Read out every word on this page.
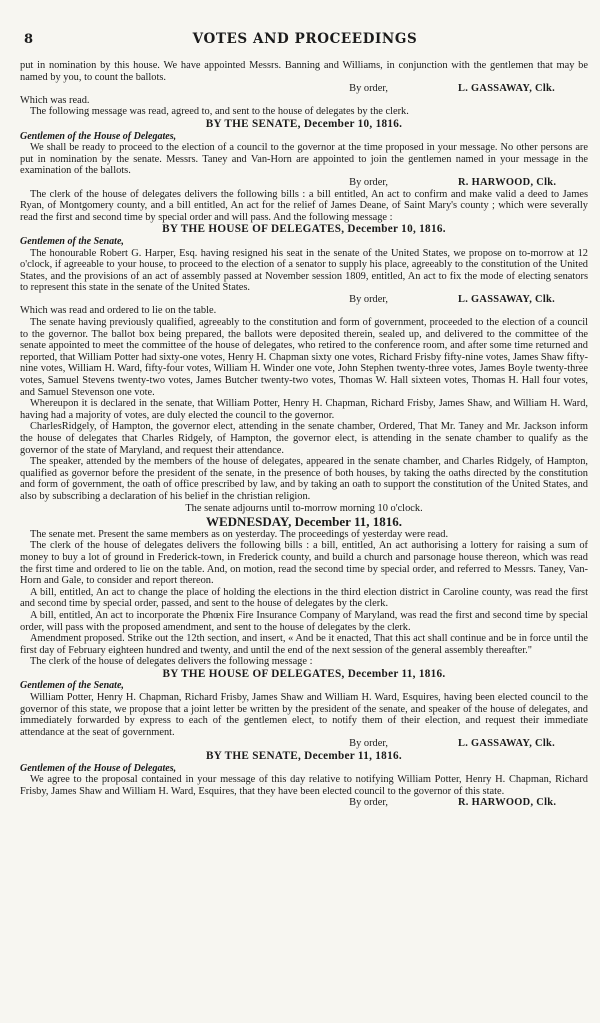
8	VOTES AND PROCEEDINGS

put in nomination by this house. We have appointed Messrs. Banning and Williams, in conjunction with the gentlemen that may be named by you, to count the ballots.

By order,	L. GASSAWAY, Clk.

Which was read.

The following message was read, agreed to, and sent to the house of delegates by the clerk.

BY THE SENATE, December 10, 1816.

Gentlemen of the House of Delegates,

We shall be ready to proceed to the election of a council to the governor at the time proposed in your message. No other persons are put in nomination by the senate. Messrs. Taney and Van-Horn are appointed to join the gentlemen named in your message in the examination of the ballots.

By order,	R. HARWOOD, Clk.

The clerk of the house of delegates delivers the following bills : a bill entitled, An act to confirm and make valid a deed to James Ryan, of Montgomery county, and a bill entitled, An act for the relief of James Deane, of Saint Mary's county ; which were severally read the first and second time by special order and will pass. And the following message :

BY THE HOUSE OF DELEGATES, December 10, 1816.

Gentlemen of the Senate,

The honourable Robert G. Harper, Esq. having resigned his seat in the senate of the United States, we propose on to-morrow at 12 o'clock, if agreeable to your house, to proceed to the election of a senator to supply his place, agreeably to the constitution of the United States, and the provisions of an act of assembly passed at November session 1809, entitled, An act to fix the mode of electing senators to represent this state in the senate of the United States.

By order,	L. GASSAWAY, Clk.

Which was read and ordered to lie on the table.

The senate having previously qualified, agreeably to the constitution and form of government, proceeded to the election of a council to the governor. The ballot box being prepared, the ballots were deposited therein, sealed up, and delivered to the committee of the senate appointed to meet the committee of the house of delegates, who retired to the conference room, and after some time returned and reported, that William Potter had sixty-one votes, Henry H. Chapman sixty one votes, Richard Frisby fifty-nine votes, James Shaw fifty-nine votes, William H. Ward, fifty-four votes, William H. Winder one vote, John Stephen twenty-three votes, James Boyle twenty-three votes, Samuel Stevens twenty-two votes, James Butcher twenty-two votes, Thomas W. Hall sixteen votes, Thomas H. Hall four votes, and Samuel Stevenson one vote.

Whereupon it is declared in the senate, that William Potter, Henry H. Chapman, Richard Frisby, James Shaw, and William H. Ward, having had a majority of votes, are duly elected the council to the governor.

CharlesRidgely, of Hampton, the governor elect, attending in the senate chamber, Ordered, That Mr. Taney and Mr. Jackson inform the house of delegates that Charles Ridgely, of Hampton, the governor elect, is attending in the senate chamber to qualify as the governor of the state of Maryland, and request their attendance.

The speaker, attended by the members of the house of delegates, appeared in the senate chamber, and Charles Ridgely, of Hampton, qualified as governor before the president of the senate, in the presence of both houses, by taking the oaths directed by the constitution and form of government, the oath of office prescribed by law, and by taking an oath to support the constitution of the United States, and also by subscribing a declaration of his belief in the christian religion.

The senate adjourns until to-morrow morning 10 o'clock.

WEDNESDAY, December 11, 1816.

The senate met. Present the same members as on yesterday. The proceedings of yesterday were read.

The clerk of the house of delegates delivers the following bills : a bill, entitled, An act authorising a lottery for raising a sum of money to buy a lot of ground in Frederick-town, in Frederick county, and build a church and parsonage house thereon, which was read the first time and ordered to lie on the table. And, on motion, read the second time by special order, and referred to Messrs. Taney, Van-Horn and Gale, to consider and report thereon.

A bill, entitled, An act to change the place of holding the elections in the third election district in Caroline county, was read the first and second time by special order, passed, and sent to the house of delegates by the clerk.

A bill, entitled, An act to incorporate the Phœnix Fire Insurance Company of Maryland, was read the first and second time by special order, will pass with the proposed amendment, and sent to the house of delegates by the clerk.

Amendment proposed. Strike out the 12th section, and insert, « And be it enacted, That this act shall continue and be in force until the first day of February eighteen hundred and twenty, and until the end of the next session of the general assembly thereafter."

The clerk of the house of delegates delivers the following message :

BY THE HOUSE OF DELEGATES, December 11, 1816.

Gentlemen of the Senate,

William Potter, Henry H. Chapman, Richard Frisby, James Shaw and William H. Ward, Esquires, having been elected council to the governor of this state, we propose that a joint letter be written by the president of the senate, and speaker of the house of delegates, and immediately forwarded by express to each of the gentlemen elect, to notify them of their election, and request their immediate attendance at the seat of government.

By order,	L. GASSAWAY, Clk.

BY THE SENATE, December 11, 1816.

Gentlemen of the House of Delegates,

We agree to the proposal contained in your message of this day relative to notifying William Potter, Henry H. Chapman, Richard Frisby, James Shaw and William H. Ward, Esquires, that they have been elected council to the governor of this state.

By order,	R. HARWOOD, Clk.
